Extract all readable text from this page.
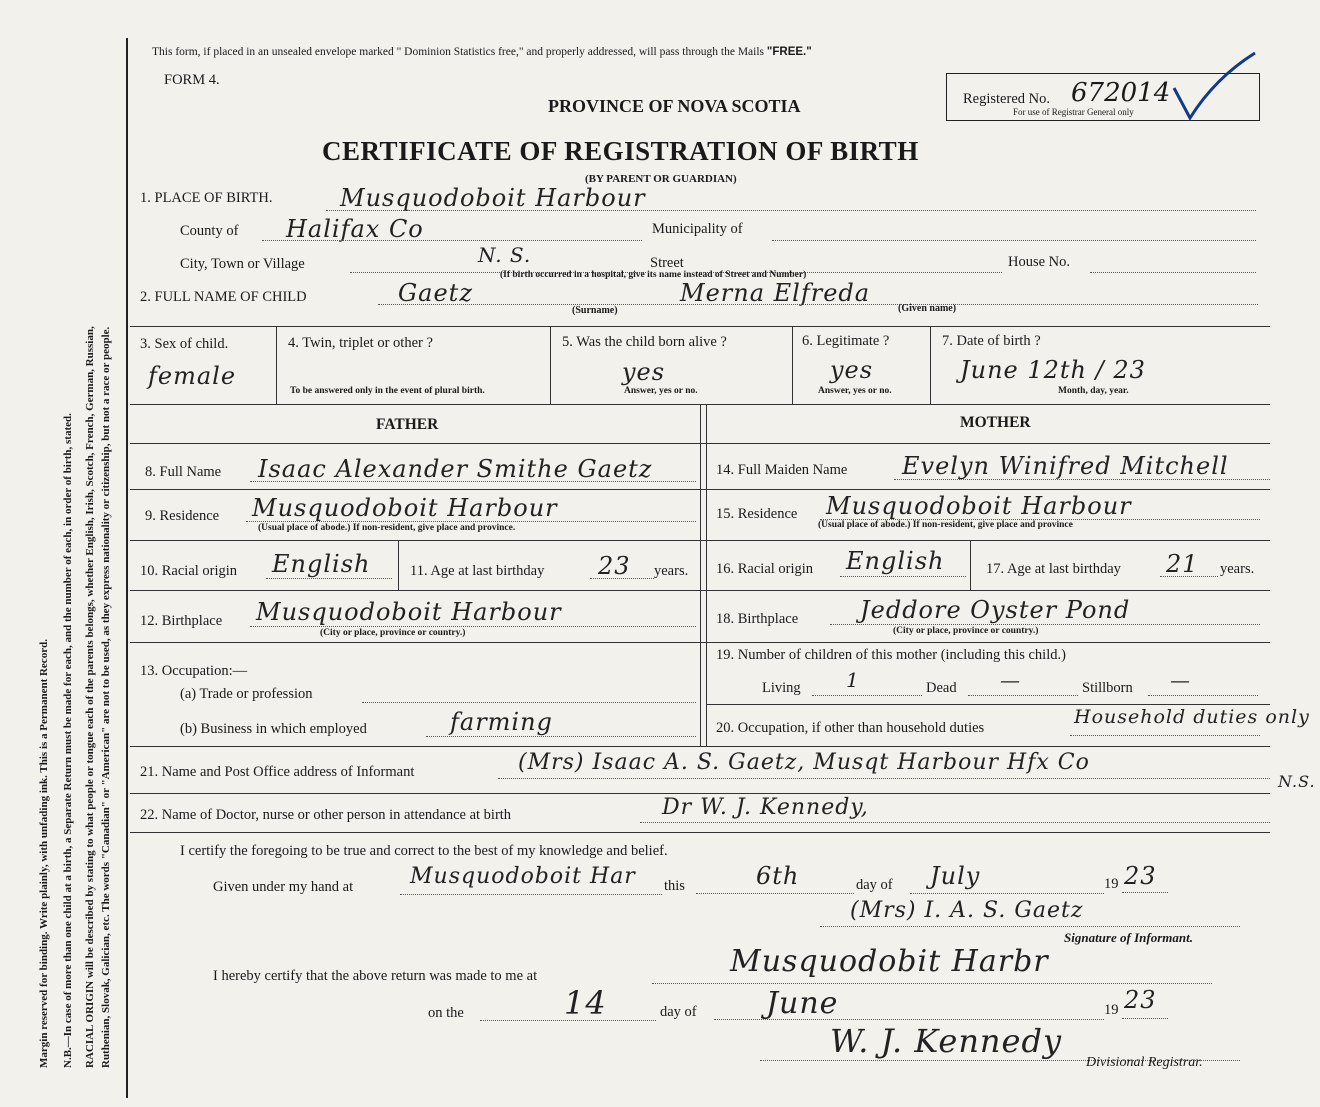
Margin reserved for binding. Write plainly, with unfading ink. This is a Permanent Record. N.B.—In case of more than one child at a birth, a Separate Return must be made for each, and the number of each, in order of birth, stated. RACIAL ORIGIN will be described by stating to what people or tongue each of the parents belongs, whether English, Irish, Scotch, French, German, Russian, Ruthenian, Slovak, Galician, etc. The words "Canadian" or "American" are not to be used, as they express nationality or citizenship, but not a race or people.
This form, if placed in an unsealed envelope marked " Dominion Statistics free," and properly addressed, will pass through the Mails "FREE."
FORM 4.
PROVINCE OF NOVA SCOTIA
CERTIFICATE OF REGISTRATION OF BIRTH
(BY PARENT OR GUARDIAN)
Registered No. 672014
For use of Registrar General only
1. PLACE OF BIRTH.	Musquodoboit Harbour
County of Halifax Co	Municipality of
City, Town or Village	N. S.	Street	House No.
(If birth occurred in a hospital, give its name instead of Street and Number)
2. FULL NAME OF CHILD	Gaetz	Merna Elfreda
(Surname)	(Given name)
3. Sex of child.
female
4. Twin, triplet or other ?
To be answered only in the event of plural birth.
5. Was the child born alive ?
yes
Answer, yes or no.
6. Legitimate ?
yes
Answer, yes or no.
7. Date of birth ?
June 12th / 23
Month, day, year.
FATHER	MOTHER
8. Full Name Isaac Alexander Smithe Gaetz	14. Full Maiden Name Evelyn Winifred Mitchell
9. Residence Musquodoboit Harbour
(Usual place of abode.) If non-resident, give place and province.
15. Residence Musquodoboit Harbour
(Usual place of abode.) If non-resident, give place and province
10. Racial origin English	11. Age at last birthday 23 years. 16. Racial origin English	17. Age at last birthday 21 years.
12. Birthplace Musquodoboit Harbour
(City or place, province or country.)
18. Birthplace	Jeddore Oyster Pond
(City or place, province or country.)
13. Occupation:—
(a) Trade or profession
19. Number of children of this mother (including this child.)
Living 1	Dead —	Stillborn —
(b) Business in which employed	farming	20. Occupation, if other than household duties	Household duties only
21. Name and Post Office address of Informant	(Mrs) Isaac A. S. Gaetz, Musqt Harbour Hfx Co
N.S.
22. Name of Doctor, nurse or other person in attendance at birth	Dr W. J. Kennedy,
I certify the foregoing to be true and correct to the best of my knowledge and belief.
Given under my hand at	Musquodoboit Har this	6th	day of July	19 23
(Mrs) I. A. S. Gaetz
Signature of Informant.
I hereby certify that the above return was made to me at	Musquodobit Harbr
on the	14	day of June	19 23
W. J. Kennedy
Divisional Registrar.
